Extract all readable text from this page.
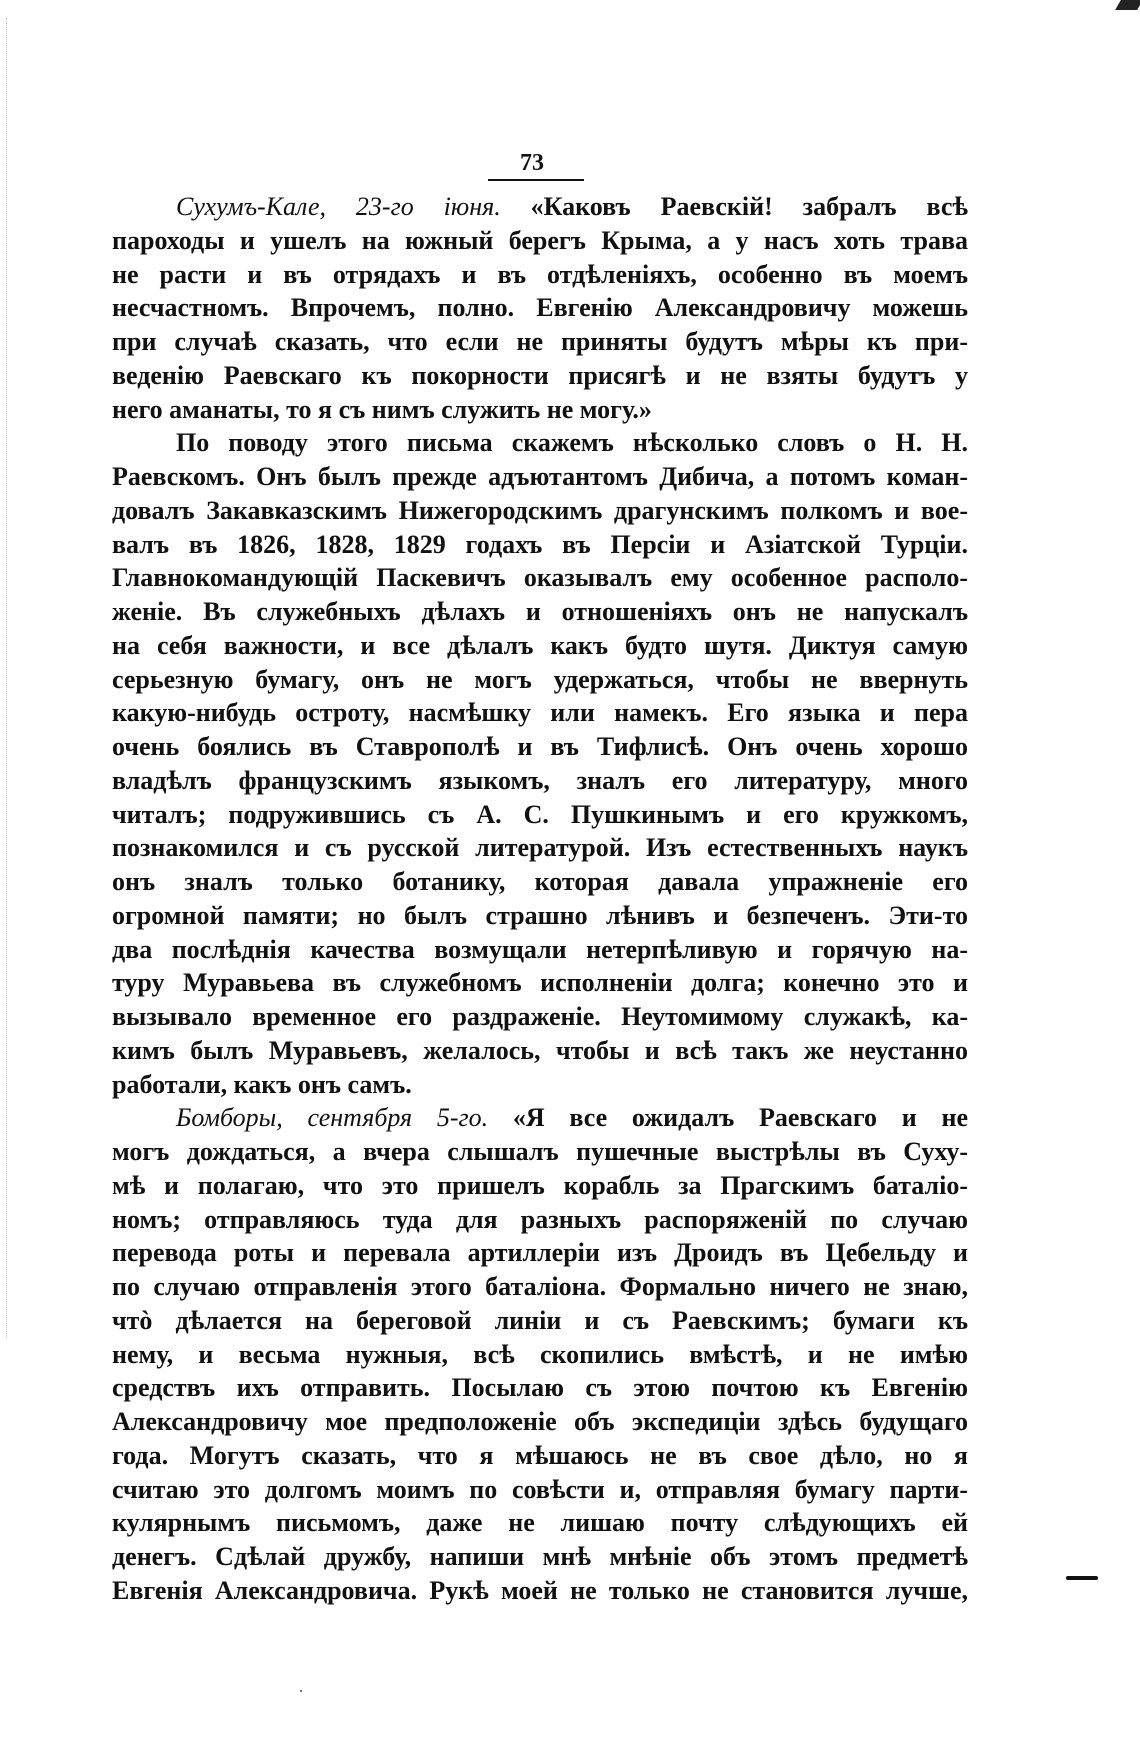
73
Сухумъ-Кале, 23-го іюня. «Каковъ Раевскій! забралъ всѣ
пароходы и ушелъ на южный берегъ Крыма, а у насъ хоть трава
не расти и въ отрядахъ и въ отдѣленіяхъ, особенно въ моемъ
несчастномъ. Впрочемъ, полно. Евгенію Александровичу можешь
при случаѣ сказать, что если не приняты будутъ мѣры къ при-
веденію Раевскаго къ покорности присягѣ и не взяты будутъ у
него аманаты, то я съ нимъ служить не могу.»
По поводу этого письма скажемъ нѣсколько словъ о Н. Н.
Раевскомъ. Онъ былъ прежде адъютантомъ Дибича, а потомъ коман-
довалъ Закавказскимъ Нижегородскимъ драгунскимъ полкомъ и вое-
валъ въ 1826, 1828, 1829 годахъ въ Персіи и Азіатской Турціи.
Главнокомандующій Паскевичъ оказывалъ ему особенное располо-
женіе. Въ служебныхъ дѣлахъ и отношеніяхъ онъ не напускалъ
на себя важности, и все дѣлалъ какъ будто шутя. Диктуя самую
серьезную бумагу, онъ не могъ удержаться, чтобы не ввернуть
какую-нибудь остроту, насмѣшку или намекъ. Его языка и пера
очень боялись въ Ставрополѣ и въ Тифлисѣ. Онъ очень хорошо
владѣлъ французскимъ языкомъ, зналъ его литературу, много
читалъ; подружившись съ А. С. Пушкинымъ и его кружкомъ,
познакомился и съ русской литературой. Изъ естественныхъ наукъ
онъ зналъ только ботанику, которая давала упражненіе его
огромной памяти; но былъ страшно лѣнивъ и безпеченъ. Эти-то
два послѣднія качества возмущали нетерпѣливую и горячую на-
туру Муравьева въ служебномъ исполненіи долга; конечно это и
вызывало временное его раздраженіе. Неутомимому служакѣ, ка-
кимъ былъ Муравьевъ, желалось, чтобы и всѣ такъ же неустанно
работали, какъ онъ самъ.
Бомборы, сентября 5-го. «Я все ожидалъ Раевскаго и не
могъ дождаться, а вчера слышалъ пушечные выстрѣлы въ Суху-
мѣ и полагаю, что это пришелъ корабль за Прагскимъ баталіо-
номъ; отправляюсь туда для разныхъ распоряженій по случаю
перевода роты и перевала артиллеріи изъ Дроидъ въ Цебельду и
по случаю отправленія этого баталіона. Формально ничего не знаю,
чтò дѣлается на береговой линіи и съ Раевскимъ; бумаги къ
нему, и весьма нужныя, всѣ скопились вмѣстѣ, и не имѣю
средствъ ихъ отправить. Посылаю съ этою почтою къ Евгенію
Александровичу мое предположеніе объ экспедиціи здѣсь будущаго
года. Могутъ сказать, что я мѣшаюсь не въ свое дѣло, но я
считаю это долгомъ моимъ по совѣсти и, отправляя бумагу парти-
кулярнымъ письмомъ, даже не лишаю почту слѣдующихъ ей
денегъ. Сдѣлай дружбу, напиши мнѣ мнѣніе объ этомъ предметѣ
Евгенія Александровича. Рукѣ моей не только не становится лучше,
